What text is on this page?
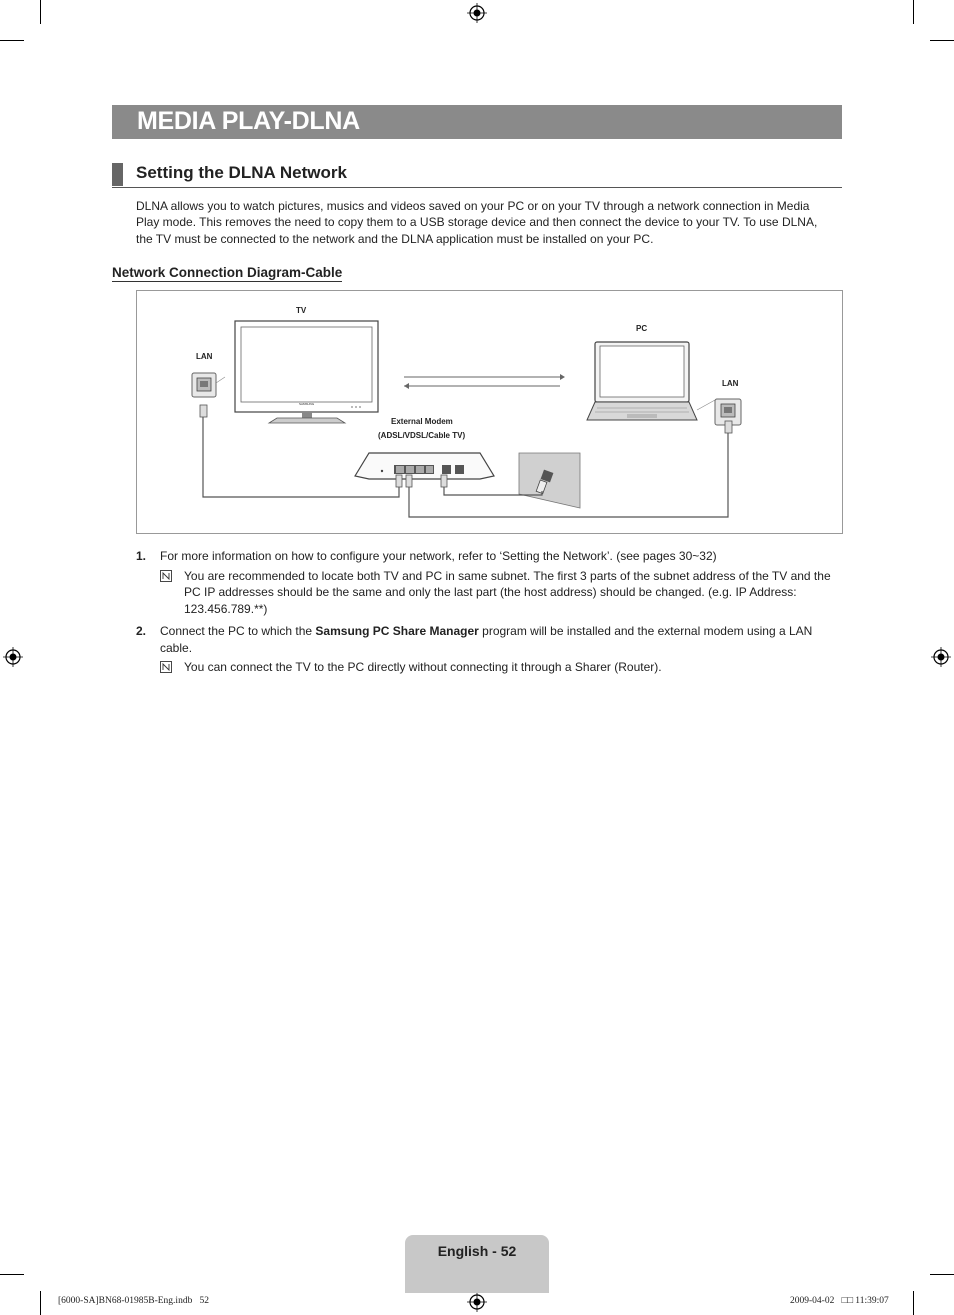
MEDIA PLAY-DLNA
Setting the DLNA Network
DLNA allows you to watch pictures, musics and videos saved on your PC or on your TV through a network connection in Media Play mode. This removes the need to copy them to a USB storage device and then connect the device to your TV. To use DLNA, the TV must be connected to the network and the DLNA application must be installed on your PC.
Network Connection Diagram-Cable
TV
PC
LAN
LAN
External Modem
(ADSL/VDSL/Cable TV)
SAMSUNG
1. For more information on how to configure your network, refer to ‘Setting the Network’. (see pages 30~32)
You are recommended to locate both TV and PC in same subnet. The first 3 parts of the subnet address of the TV and the PC IP addresses should be the same and only the last part (the host address) should be changed. (e.g. IP Address: 123.456.789.**)
2. Connect the PC to which the Samsung PC Share Manager program will be installed and the external modem using a LAN cable.
You can connect the TV to the PC directly without connecting it through a Sharer (Router).
English - 52
[6000-SA]BN68-01985B-Eng.indb   52	2009-04-02   □□ 11:39:07
